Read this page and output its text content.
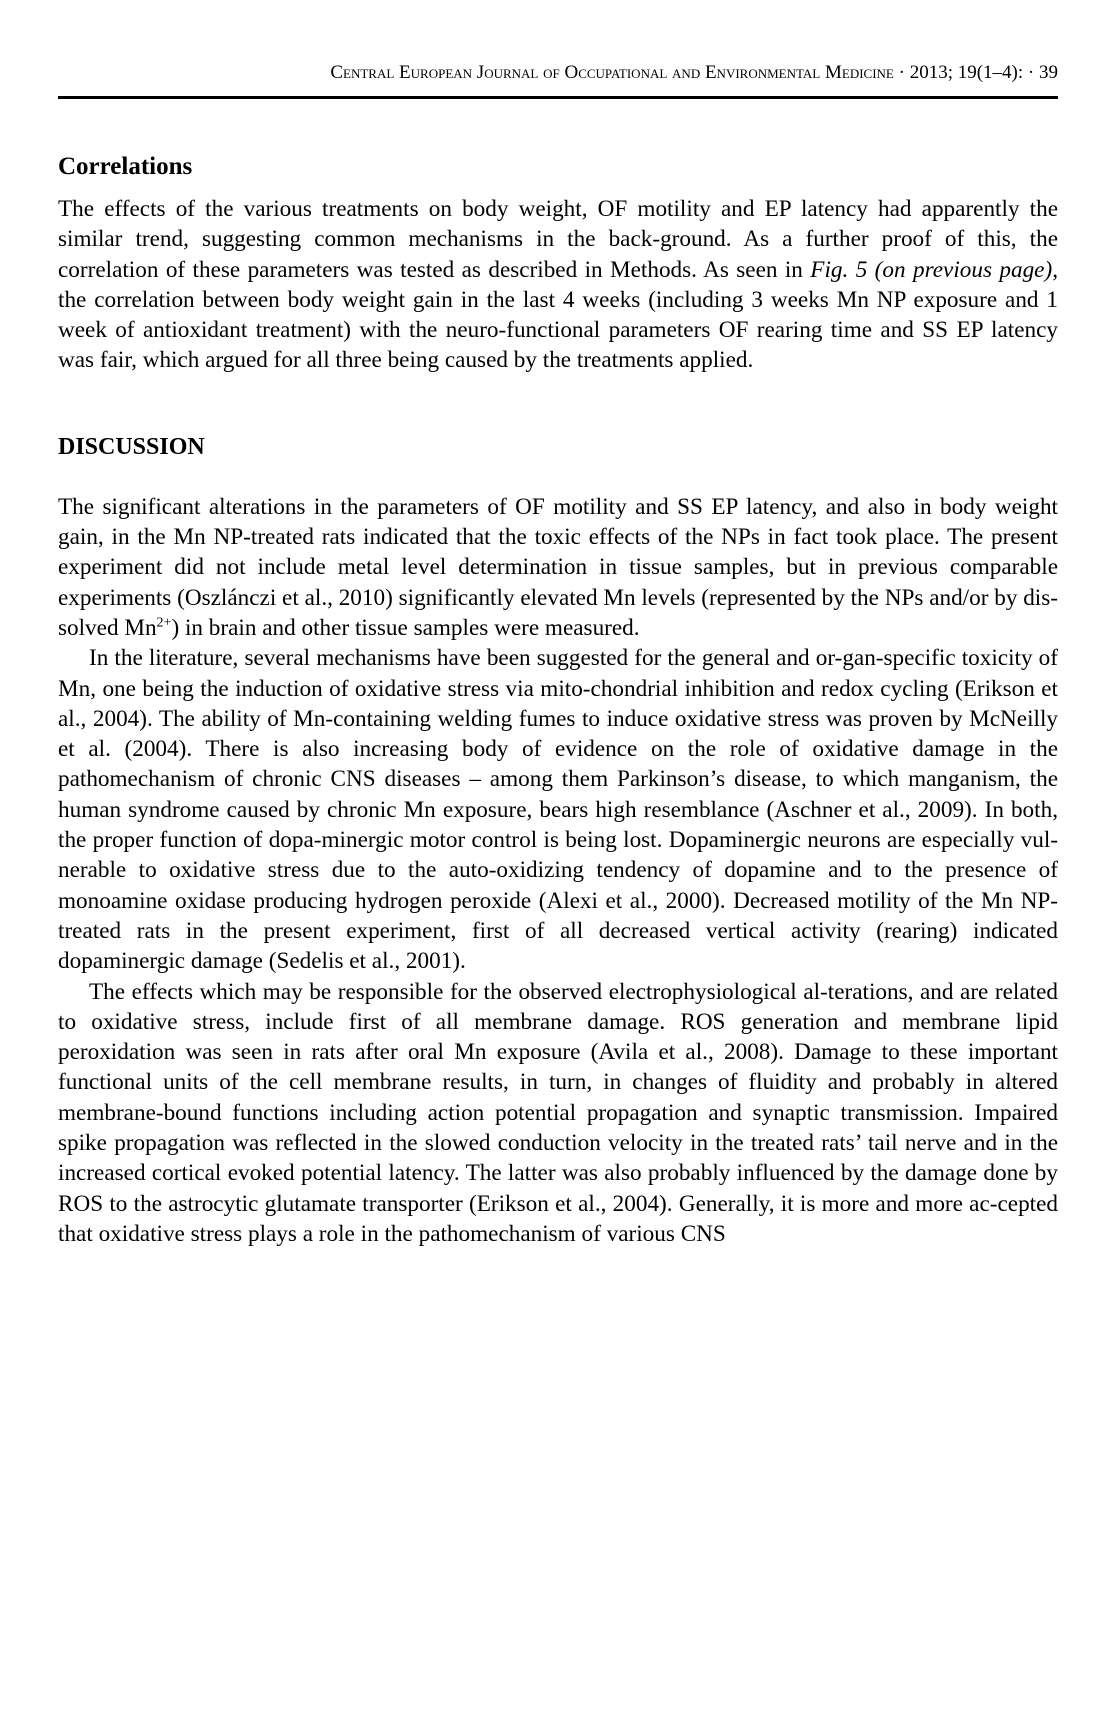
Central European Journal of Occupational and Environmental Medicine · 2013; 19(1–4): · 39
Correlations

The effects of the various treatments on body weight, OF motility and EP latency had apparently the similar trend, suggesting common mechanisms in the back-ground. As a further proof of this, the correlation of these parameters was tested as described in Methods. As seen in Fig. 5 (on previous page), the correlation between body weight gain in the last 4 weeks (including 3 weeks Mn NP exposure and 1 week of antioxidant treatment) with the neuro-functional parameters OF rearing time and SS EP latency was fair, which argued for all three being caused by the treatments applied.

DISCUSSION

The significant alterations in the parameters of OF motility and SS EP latency, and also in body weight gain, in the Mn NP-treated rats indicated that the toxic effects of the NPs in fact took place. The present experiment did not include metal level determination in tissue samples, but in previous comparable experiments (Oszlánczi et al., 2010) significantly elevated Mn levels (represented by the NPs and/or by dis-solved $Mn^{2+}$) in brain and other tissue samples were measured.

In the literature, several mechanisms have been suggested for the general and or-gan-specific toxicity of Mn, one being the induction of oxidative stress via mito-chondrial inhibition and redox cycling (Erikson et al., 2004). The ability of Mn-containing welding fumes to induce oxidative stress was proven by McNeilly et al. (2004). There is also increasing body of evidence on the role of oxidative damage in the pathomechanism of chronic CNS diseases – among them Parkinson’s disease, to which manganism, the human syndrome caused by chronic Mn exposure, bears high resemblance (Aschner et al., 2009). In both, the proper function of dopa-minergic motor control is being lost. Dopaminergic neurons are especially vul-nerable to oxidative stress due to the auto-oxidizing tendency of dopamine and to the presence of monoamine oxidase producing hydrogen peroxide (Alexi et al., 2000). Decreased motility of the Mn NP-treated rats in the present experiment, first of all decreased vertical activity (rearing) indicated dopaminergic damage (Sedelis et al., 2001).

The effects which may be responsible for the observed electrophysiological al-terations, and are related to oxidative stress, include first of all membrane damage. ROS generation and membrane lipid peroxidation was seen in rats after oral Mn exposure (Avila et al., 2008). Damage to these important functional units of the cell membrane results, in turn, in changes of fluidity and probably in altered membrane-bound functions including action potential propagation and synaptic transmission. Impaired spike propagation was reflected in the slowed conduction velocity in the treated rats’ tail nerve and in the increased cortical evoked potential latency. The latter was also probably influenced by the damage done by ROS to the astrocytic glutamate transporter (Erikson et al., 2004). Generally, it is more and more ac-cepted that oxidative stress plays a role in the pathomechanism of various CNS
